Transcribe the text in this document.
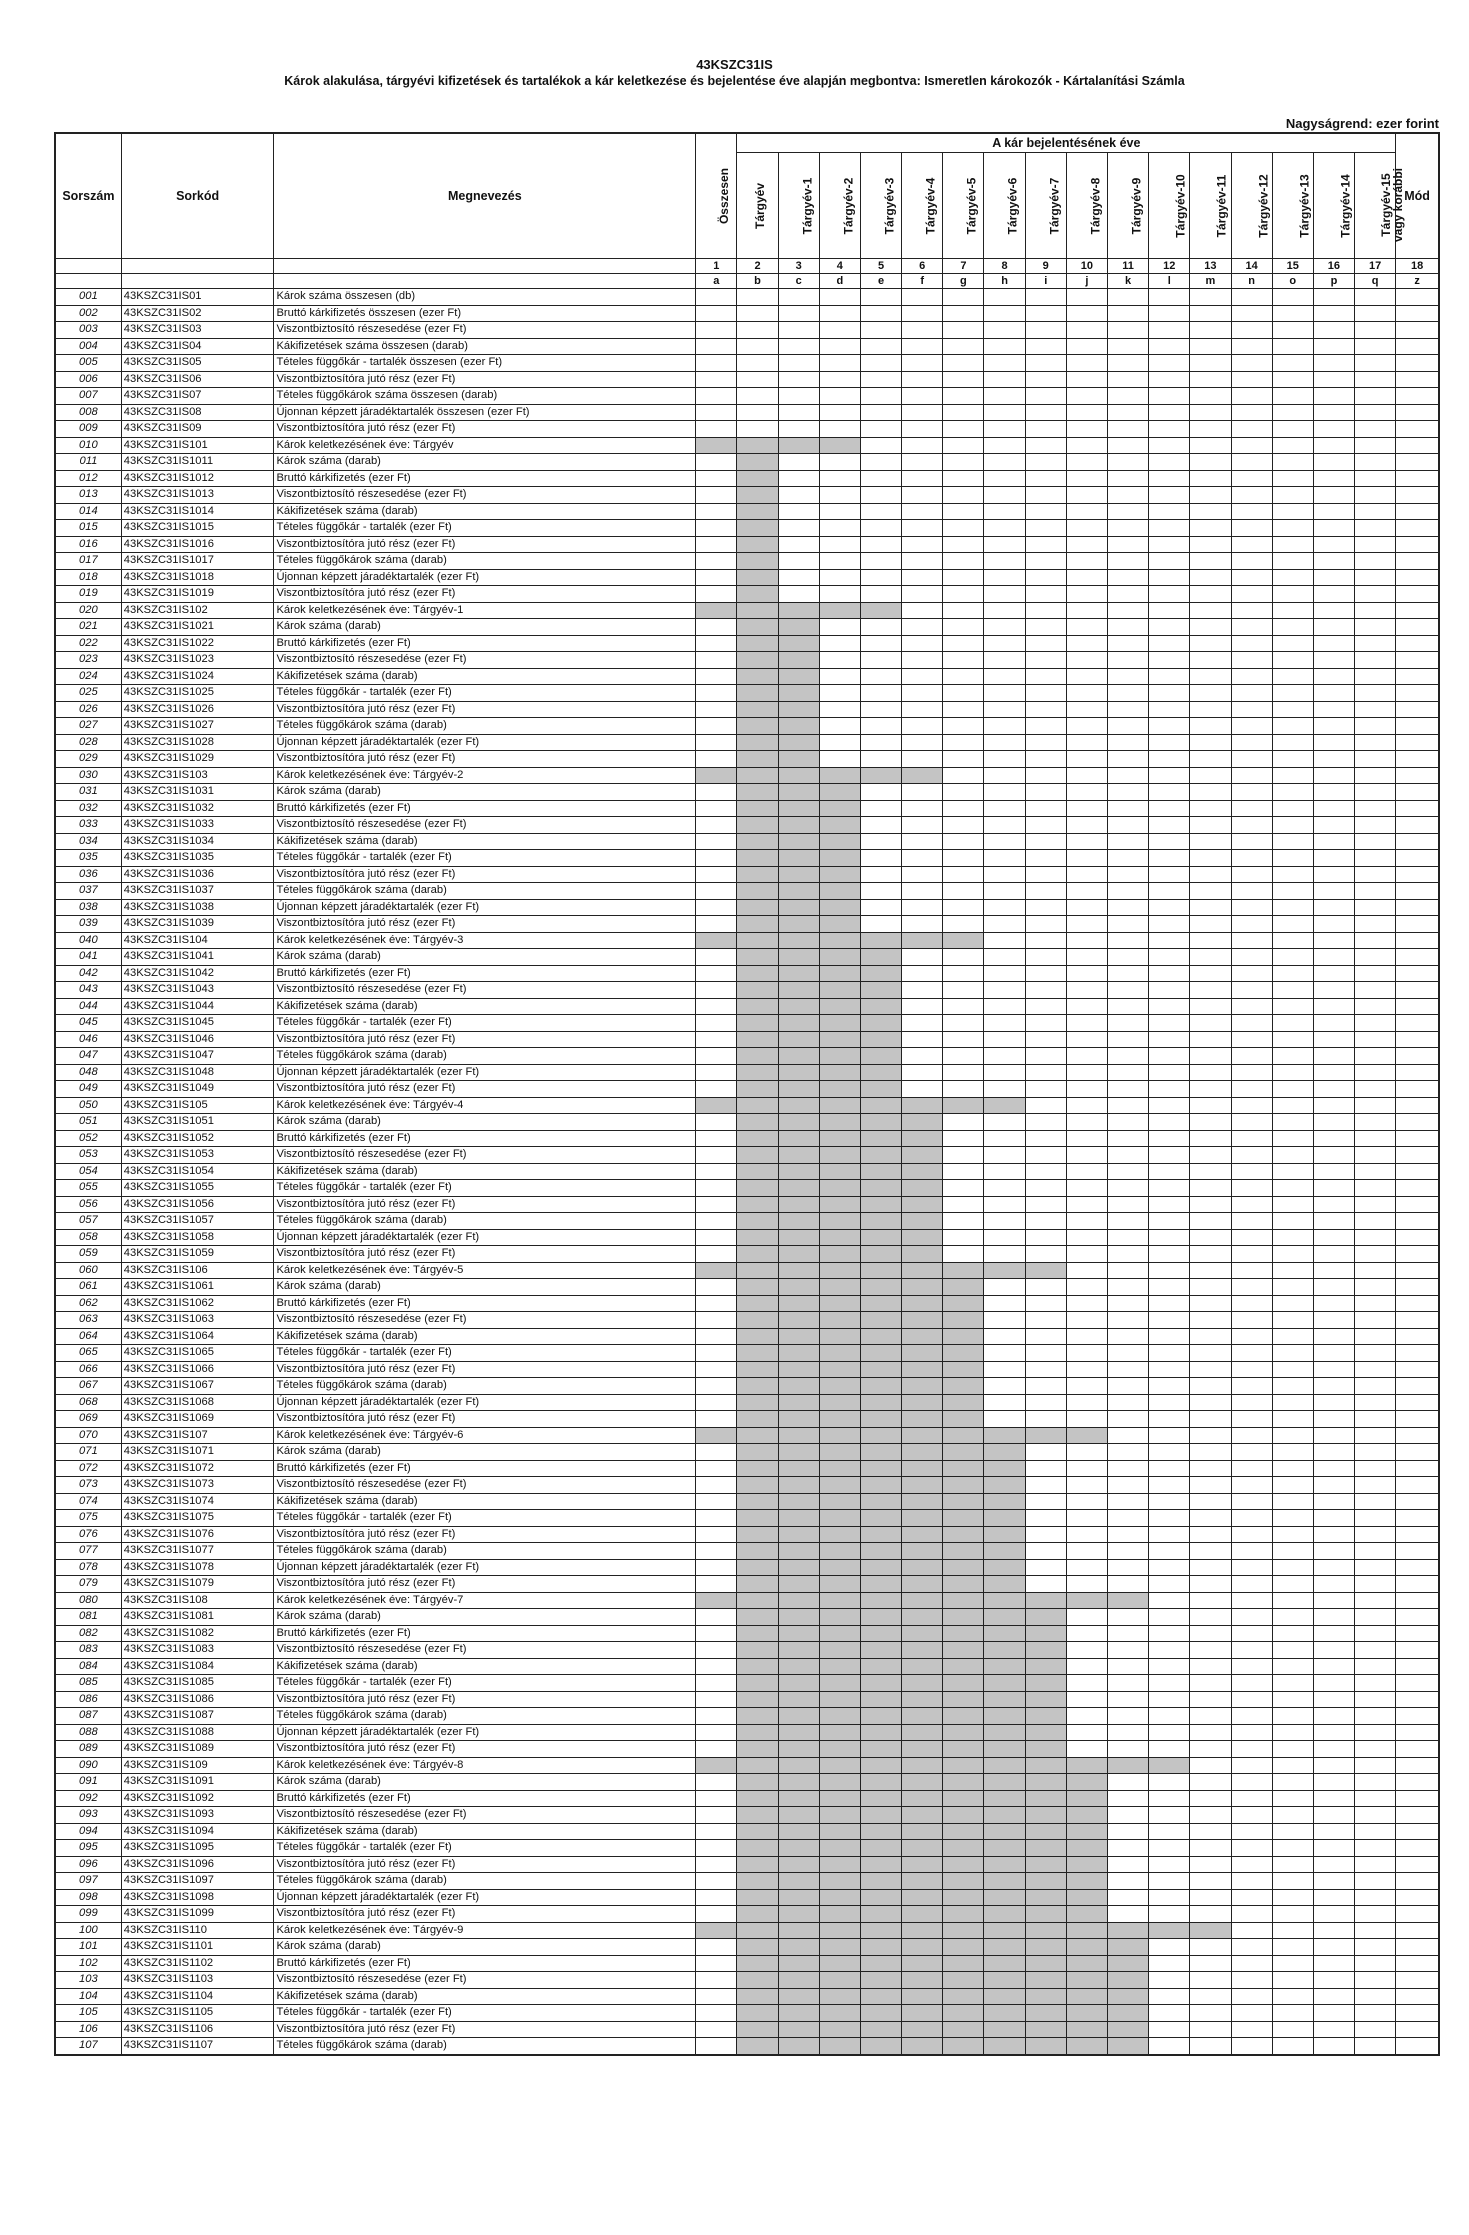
43KSZC31IS
Károk alakulása, tárgyévi kifizetések és tartalékok a kár keletkezése és bejelentése éve alapján megbontva: Ismeretlen károkozók - Kártalanítási Számla
Nagyságrend: ezer forint
Sorszám	Sorkód	Megnevezés	Összesen	A kár bejelentésének éve																Mód
				Tárgyév	Tárgyév-1	Tárgyév-2	Tárgyév-3	Tárgyév-4	Tárgyév-5	Tárgyév-6	Tárgyév-7	Tárgyév-8	Tárgyév-9	Tárgyév-10	Tárgyév-11	Tárgyév-12	Tárgyév-13	Tárgyév-14	Tárgyév-15
vagy korábbi	

			1	2	3	4	5	6	7	8	9	10	11	12	13	14	15	16	17	18
			a	b	c	d	e	f	g	h	i	j	k	l	m	n	o	p	q	z
001	43KSZC31IS01	Károk száma összesen (db)																		
002	43KSZC31IS02	Bruttó kárkifizetés összesen (ezer Ft)																		
003	43KSZC31IS03	Viszontbiztosító részesedése (ezer Ft)																		
004	43KSZC31IS04	Kákifizetések száma összesen (darab)																		
005	43KSZC31IS05	Tételes függőkár - tartalék összesen (ezer Ft)																		
006	43KSZC31IS06	Viszontbiztosítóra jutó rész (ezer Ft)																		
007	43KSZC31IS07	Tételes függőkárok száma összesen (darab)																		
008	43KSZC31IS08	Újonnan képzett járadéktartalék összesen (ezer Ft)																		
009	43KSZC31IS09	Viszontbiztosítóra jutó rész (ezer Ft)																		
010	43KSZC31IS101	Károk keletkezésének éve: Tárgyév																		
011	43KSZC31IS1011	Károk száma (darab)																		
012	43KSZC31IS1012	Bruttó kárkifizetés (ezer Ft)																		
013	43KSZC31IS1013	Viszontbiztosító részesedése (ezer Ft)																		
014	43KSZC31IS1014	Kákifizetések száma (darab)																		
015	43KSZC31IS1015	Tételes függőkár - tartalék (ezer Ft)																		
016	43KSZC31IS1016	Viszontbiztosítóra jutó rész (ezer Ft)																		
017	43KSZC31IS1017	Tételes függőkárok száma (darab)																		
018	43KSZC31IS1018	Újonnan képzett járadéktartalék (ezer Ft)																		
019	43KSZC31IS1019	Viszontbiztosítóra jutó rész (ezer Ft)																		
020	43KSZC31IS102	Károk keletkezésének éve: Tárgyév-1																		
021	43KSZC31IS1021	Károk száma (darab)																		
022	43KSZC31IS1022	Bruttó kárkifizetés (ezer Ft)																		
023	43KSZC31IS1023	Viszontbiztosító részesedése (ezer Ft)																		
024	43KSZC31IS1024	Kákifizetések száma (darab)																		
025	43KSZC31IS1025	Tételes függőkár - tartalék (ezer Ft)																		
026	43KSZC31IS1026	Viszontbiztosítóra jutó rész (ezer Ft)																		
027	43KSZC31IS1027	Tételes függőkárok száma (darab)																		
028	43KSZC31IS1028	Újonnan képzett járadéktartalék (ezer Ft)																		
029	43KSZC31IS1029	Viszontbiztosítóra jutó rész (ezer Ft)																		
030	43KSZC31IS103	Károk keletkezésének éve: Tárgyév-2																		
031	43KSZC31IS1031	Károk száma (darab)																		
032	43KSZC31IS1032	Bruttó kárkifizetés (ezer Ft)																		
033	43KSZC31IS1033	Viszontbiztosító részesedése (ezer Ft)																		
034	43KSZC31IS1034	Kákifizetések száma (darab)																		
035	43KSZC31IS1035	Tételes függőkár - tartalék (ezer Ft)																		
036	43KSZC31IS1036	Viszontbiztosítóra jutó rész (ezer Ft)																		
037	43KSZC31IS1037	Tételes függőkárok száma (darab)																		
038	43KSZC31IS1038	Újonnan képzett járadéktartalék (ezer Ft)																		
039	43KSZC31IS1039	Viszontbiztosítóra jutó rész (ezer Ft)																		
040	43KSZC31IS104	Károk keletkezésének éve: Tárgyév-3																		
041	43KSZC31IS1041	Károk száma (darab)																		
042	43KSZC31IS1042	Bruttó kárkifizetés (ezer Ft)																		
043	43KSZC31IS1043	Viszontbiztosító részesedése (ezer Ft)																		
044	43KSZC31IS1044	Kákifizetések száma (darab)																		
045	43KSZC31IS1045	Tételes függőkár - tartalék (ezer Ft)																		
046	43KSZC31IS1046	Viszontbiztosítóra jutó rész (ezer Ft)																		
047	43KSZC31IS1047	Tételes függőkárok száma (darab)																		
048	43KSZC31IS1048	Újonnan képzett járadéktartalék (ezer Ft)																		
049	43KSZC31IS1049	Viszontbiztosítóra jutó rész (ezer Ft)																		
050	43KSZC31IS105	Károk keletkezésének éve: Tárgyév-4																		
051	43KSZC31IS1051	Károk száma (darab)																		
052	43KSZC31IS1052	Bruttó kárkifizetés (ezer Ft)																		
053	43KSZC31IS1053	Viszontbiztosító részesedése (ezer Ft)																		
054	43KSZC31IS1054	Kákifizetések száma (darab)																		
055	43KSZC31IS1055	Tételes függőkár - tartalék (ezer Ft)																		
056	43KSZC31IS1056	Viszontbiztosítóra jutó rész (ezer Ft)																		
057	43KSZC31IS1057	Tételes függőkárok száma (darab)																		
058	43KSZC31IS1058	Újonnan képzett járadéktartalék (ezer Ft)																		
059	43KSZC31IS1059	Viszontbiztosítóra jutó rész (ezer Ft)																		
060	43KSZC31IS106	Károk keletkezésének éve: Tárgyév-5																		
061	43KSZC31IS1061	Károk száma (darab)																		
062	43KSZC31IS1062	Bruttó kárkifizetés (ezer Ft)																		
063	43KSZC31IS1063	Viszontbiztosító részesedése (ezer Ft)																		
064	43KSZC31IS1064	Kákifizetések száma (darab)																		
065	43KSZC31IS1065	Tételes függőkár - tartalék (ezer Ft)																		
066	43KSZC31IS1066	Viszontbiztosítóra jutó rész (ezer Ft)																		
067	43KSZC31IS1067	Tételes függőkárok száma (darab)																		
068	43KSZC31IS1068	Újonnan képzett járadéktartalék (ezer Ft)																		
069	43KSZC31IS1069	Viszontbiztosítóra jutó rész (ezer Ft)																		
070	43KSZC31IS107	Károk keletkezésének éve: Tárgyév-6																		
071	43KSZC31IS1071	Károk száma (darab)																		
072	43KSZC31IS1072	Bruttó kárkifizetés (ezer Ft)																		
073	43KSZC31IS1073	Viszontbiztosító részesedése (ezer Ft)																		
074	43KSZC31IS1074	Kákifizetések száma (darab)																		
075	43KSZC31IS1075	Tételes függőkár - tartalék (ezer Ft)																		
076	43KSZC31IS1076	Viszontbiztosítóra jutó rész (ezer Ft)																		
077	43KSZC31IS1077	Tételes függőkárok száma (darab)																		
078	43KSZC31IS1078	Újonnan képzett járadéktartalék (ezer Ft)																		
079	43KSZC31IS1079	Viszontbiztosítóra jutó rész (ezer Ft)																		
080	43KSZC31IS108	Károk keletkezésének éve: Tárgyév-7																		
081	43KSZC31IS1081	Károk száma (darab)																		
082	43KSZC31IS1082	Bruttó kárkifizetés (ezer Ft)																		
083	43KSZC31IS1083	Viszontbiztosító részesedése (ezer Ft)																		
084	43KSZC31IS1084	Kákifizetések száma (darab)																		
085	43KSZC31IS1085	Tételes függőkár - tartalék (ezer Ft)																		
086	43KSZC31IS1086	Viszontbiztosítóra jutó rész (ezer Ft)																		
087	43KSZC31IS1087	Tételes függőkárok száma (darab)																		
088	43KSZC31IS1088	Újonnan képzett járadéktartalék (ezer Ft)																		
089	43KSZC31IS1089	Viszontbiztosítóra jutó rész (ezer Ft)																		
090	43KSZC31IS109	Károk keletkezésének éve: Tárgyév-8																		
091	43KSZC31IS1091	Károk száma (darab)																		
092	43KSZC31IS1092	Bruttó kárkifizetés (ezer Ft)																		
093	43KSZC31IS1093	Viszontbiztosító részesedése (ezer Ft)																		
094	43KSZC31IS1094	Kákifizetések száma (darab)																		
095	43KSZC31IS1095	Tételes függőkár - tartalék (ezer Ft)																		
096	43KSZC31IS1096	Viszontbiztosítóra jutó rész (ezer Ft)																		
097	43KSZC31IS1097	Tételes függőkárok száma (darab)																		
098	43KSZC31IS1098	Újonnan képzett járadéktartalék (ezer Ft)																		
099	43KSZC31IS1099	Viszontbiztosítóra jutó rész (ezer Ft)																		
100	43KSZC31IS110	Károk keletkezésének éve: Tárgyév-9																		
101	43KSZC31IS1101	Károk száma (darab)																		
102	43KSZC31IS1102	Bruttó kárkifizetés (ezer Ft)																		
103	43KSZC31IS1103	Viszontbiztosító részesedése (ezer Ft)																		
104	43KSZC31IS1104	Kákifizetések száma (darab)																		
105	43KSZC31IS1105	Tételes függőkár - tartalék (ezer Ft)																		
106	43KSZC31IS1106	Viszontbiztosítóra jutó rész (ezer Ft)																		
107	43KSZC31IS1107	Tételes függőkárok száma (darab)																		
